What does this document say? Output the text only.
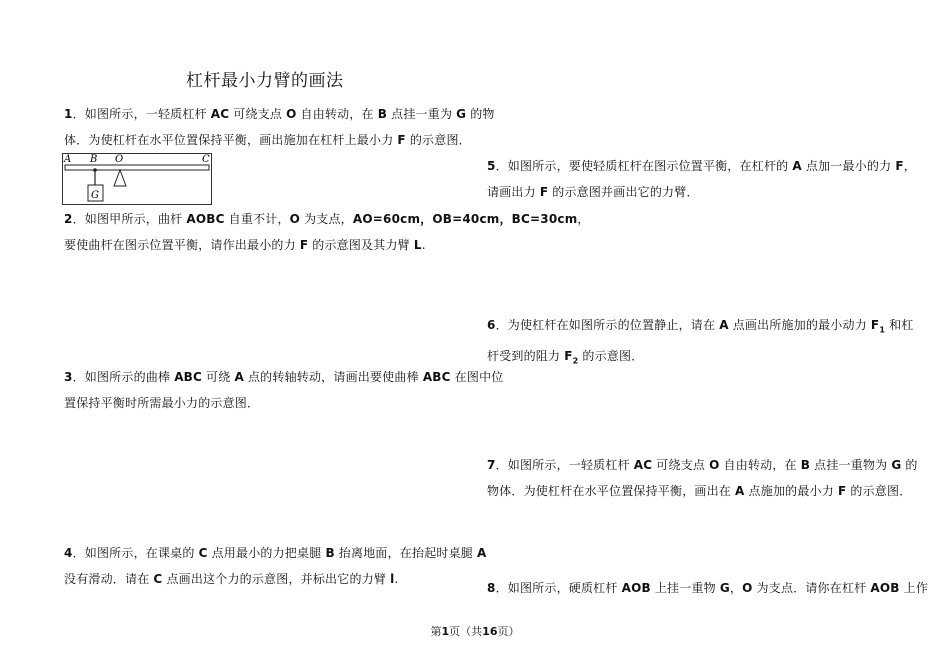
杠杆最小力臂的画法
1．如图所示，一轻质杠杆 AC 可绕支点 O 自由转动，在 B 点挂一重为 G 的物
体．为使杠杆在水平位置保持平衡，画出施加在杠杆上最小力 F 的示意图．
A B O	C
G
2．如图甲所示，曲杆 AOBC 自重不计，O 为支点，AO=60cm，OB=40cm，BC=30cm，
要使曲杆在图示位置平衡，请作出最小的力 F 的示意图及其力臂 L.
3．如图所示的曲棒 ABC 可绕 A 点的转轴转动，请画出要使曲棒 ABC 在图中位
置保持平衡时所需最小力的示意图．
4．如图所示，在课桌的 C 点用最小的力把桌腿 B 抬离地面，在抬起时桌腿 A
没有滑动．请在 C 点画出这个力的示意图，并标出它的力臂 l.
5．如图所示，要使轻质杠杆在图示位置平衡，在杠杆的 A 点加一最小的力 F，
请画出力 F 的示意图并画出它的力臂．
6．为使杠杆在如图所示的位置静止，请在 A 点画出所施加的最小动力 $F_1$ 和杠
杆受到的阻力 $F_2$ 的示意图．
7．如图所示，一轻质杠杆 AC 可绕支点 O 自由转动，在 B 点挂一重物为 G 的
物体．为使杠杆在水平位置保持平衡，画出在 A 点施加的最小力 F 的示意图．
8．如图所示，硬质杠杆 AOB 上挂一重物 G，O 为支点．请你在杠杆 AOB 上作
第1页（共16页）
